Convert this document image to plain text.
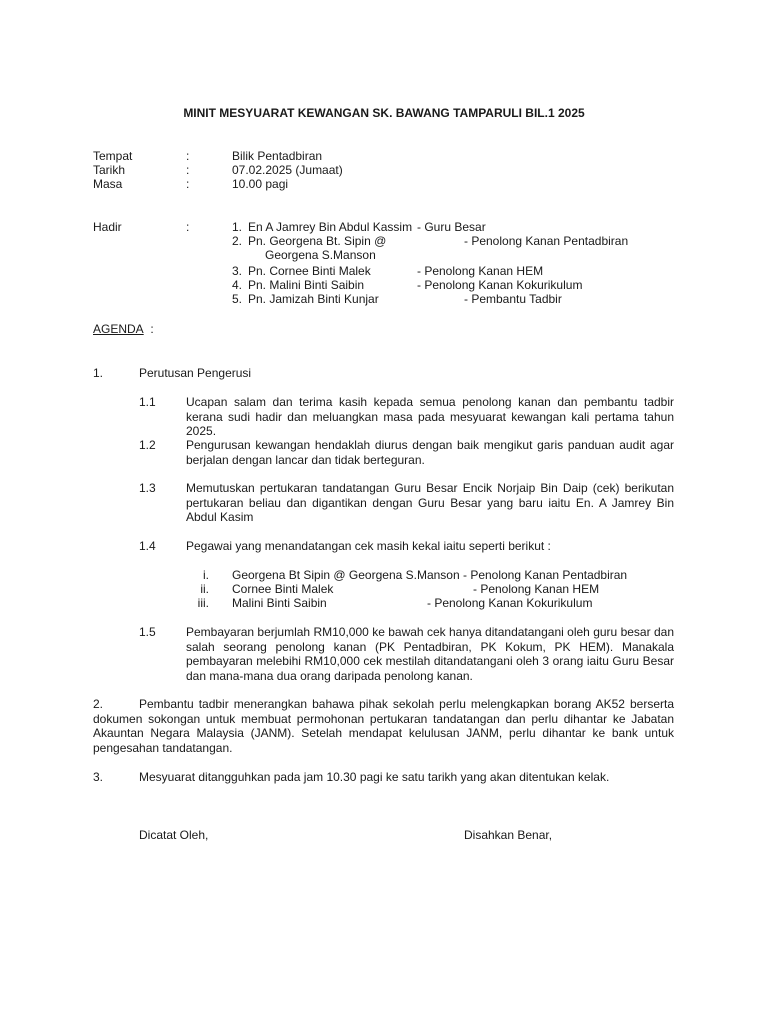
MINIT MESYUARAT KEWANGAN SK. BAWANG TAMPARULI BIL.1 2025
Tempat	:	Bilik Pentadbiran
Tarikh	:	07.02.2025 (Jumaat)
Masa	:	10.00 pagi
Hadir	:	1. En A Jamrey Bin Abdul Kassim - Guru Besar
2. Pn. Georgena Bt. Sipin @	- Penolong Kanan Pentadbiran
Georgena S.Manson
3. Pn. Cornee Binti Malek	- Penolong Kanan HEM
4. Pn. Malini Binti Saibin	- Penolong Kanan Kokurikulum
5. Pn. Jamizah Binti Kunjar	- Pembantu Tadbir
AGENDA :
1.	Perutusan Pengerusi
1.1	Ucapan salam dan terima kasih kepada semua penolong kanan dan pembantu tadbir kerana sudi hadir dan meluangkan masa pada mesyuarat kewangan kali pertama tahun 2025.
1.2	Pengurusan kewangan hendaklah diurus dengan baik mengikut garis panduan audit agar berjalan dengan lancar dan tidak berteguran.
1.3	Memutuskan pertukaran tandatangan Guru Besar Encik Norjaip Bin Daip (cek) berikutan pertukaran beliau dan digantikan dengan Guru Besar yang baru iaitu En. A Jamrey Bin Abdul Kasim
1.4	Pegawai yang menandatangan cek masih kekal iaitu seperti berikut :
i. Georgena Bt Sipin @ Georgena S.Manson - Penolong Kanan Pentadbiran
ii. Cornee Binti Malek	- Penolong Kanan HEM
iii. Malini Binti Saibin	- Penolong Kanan Kokurikulum
1.5	Pembayaran berjumlah RM10,000 ke bawah cek hanya ditandatangani oleh guru besar dan salah seorang penolong kanan (PK Pentadbiran, PK Kokum, PK HEM). Manakala pembayaran melebihi RM10,000 cek mestilah ditandatangani oleh 3 orang iaitu Guru Besar dan mana-mana dua orang daripada penolong kanan.
2.	Pembantu tadbir menerangkan bahawa pihak sekolah perlu melengkapkan borang AK52 berserta dokumen sokongan untuk membuat permohonan pertukaran tandatangan dan perlu dihantar ke Jabatan Akauntan Negara Malaysia (JANM). Setelah mendapat kelulusan JANM, perlu dihantar ke bank untuk pengesahan tandatangan.
3.	Mesyuarat ditangguhkan pada jam 10.30 pagi ke satu tarikh yang akan ditentukan kelak.
Dicatat Oleh,	Disahkan Benar,
